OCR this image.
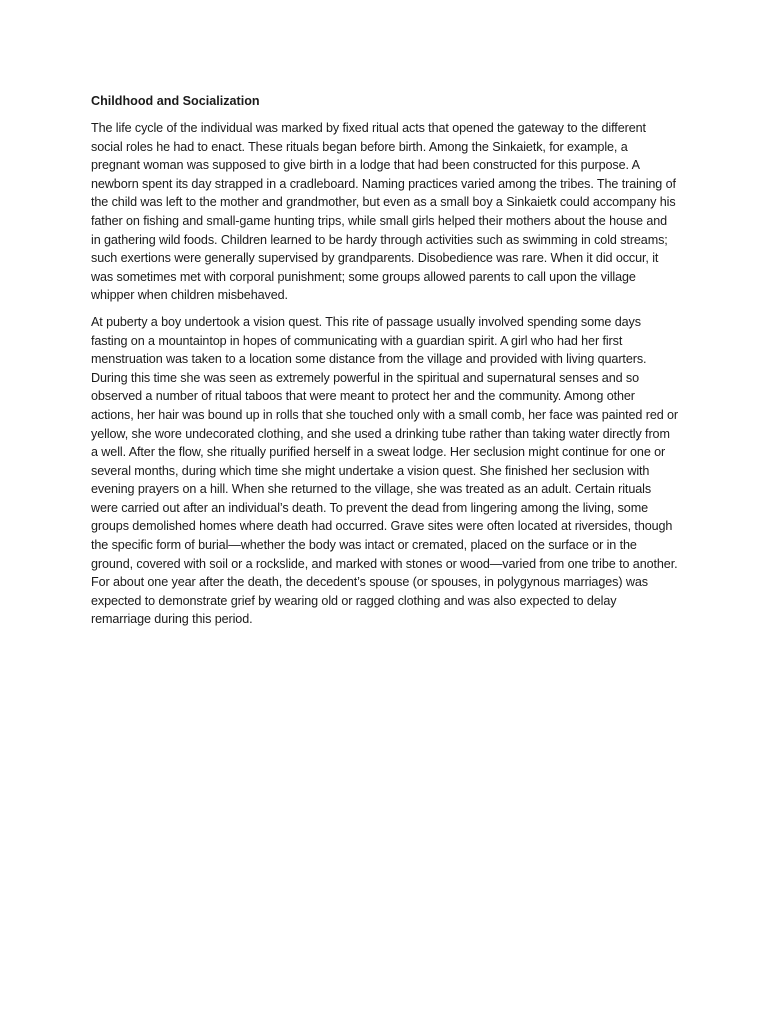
Childhood and Socialization

The life cycle of the individual was marked by fixed ritual acts that opened the gateway to the different social roles he had to enact. These rituals began before birth. Among the Sinkaietk, for example, a pregnant woman was supposed to give birth in a lodge that had been constructed for this purpose. A newborn spent its day strapped in a cradleboard. Naming practices varied among the tribes. The training of the child was left to the mother and grandmother, but even as a small boy a Sinkaietk could accompany his father on fishing and small-game hunting trips, while small girls helped their mothers about the house and in gathering wild foods. Children learned to be hardy through activities such as swimming in cold streams; such exertions were generally supervised by grandparents. Disobedience was rare. When it did occur, it was sometimes met with corporal punishment; some groups allowed parents to call upon the village whipper when children misbehaved.

At puberty a boy undertook a vision quest. This rite of passage usually involved spending some days fasting on a mountaintop in hopes of communicating with a guardian spirit. A girl who had her first menstruation was taken to a location some distance from the village and provided with living quarters. During this time she was seen as extremely powerful in the spiritual and supernatural senses and so observed a number of ritual taboos that were meant to protect her and the community. Among other actions, her hair was bound up in rolls that she touched only with a small comb, her face was painted red or yellow, she wore undecorated clothing, and she used a drinking tube rather than taking water directly from a well. After the flow, she ritually purified herself in a sweat lodge. Her seclusion might continue for one or several months, during which time she might undertake a vision quest. She finished her seclusion with evening prayers on a hill. When she returned to the village, she was treated as an adult. Certain rituals were carried out after an individual’s death. To prevent the dead from lingering among the living, some groups demolished homes where death had occurred. Grave sites were often located at riversides, though the specific form of burial—whether the body was intact or cremated, placed on the surface or in the ground, covered with soil or a rockslide, and marked with stones or wood—varied from one tribe to another. For about one year after the death, the decedent’s spouse (or spouses, in polygynous marriages) was expected to demonstrate grief by wearing old or ragged clothing and was also expected to delay remarriage during this period.
